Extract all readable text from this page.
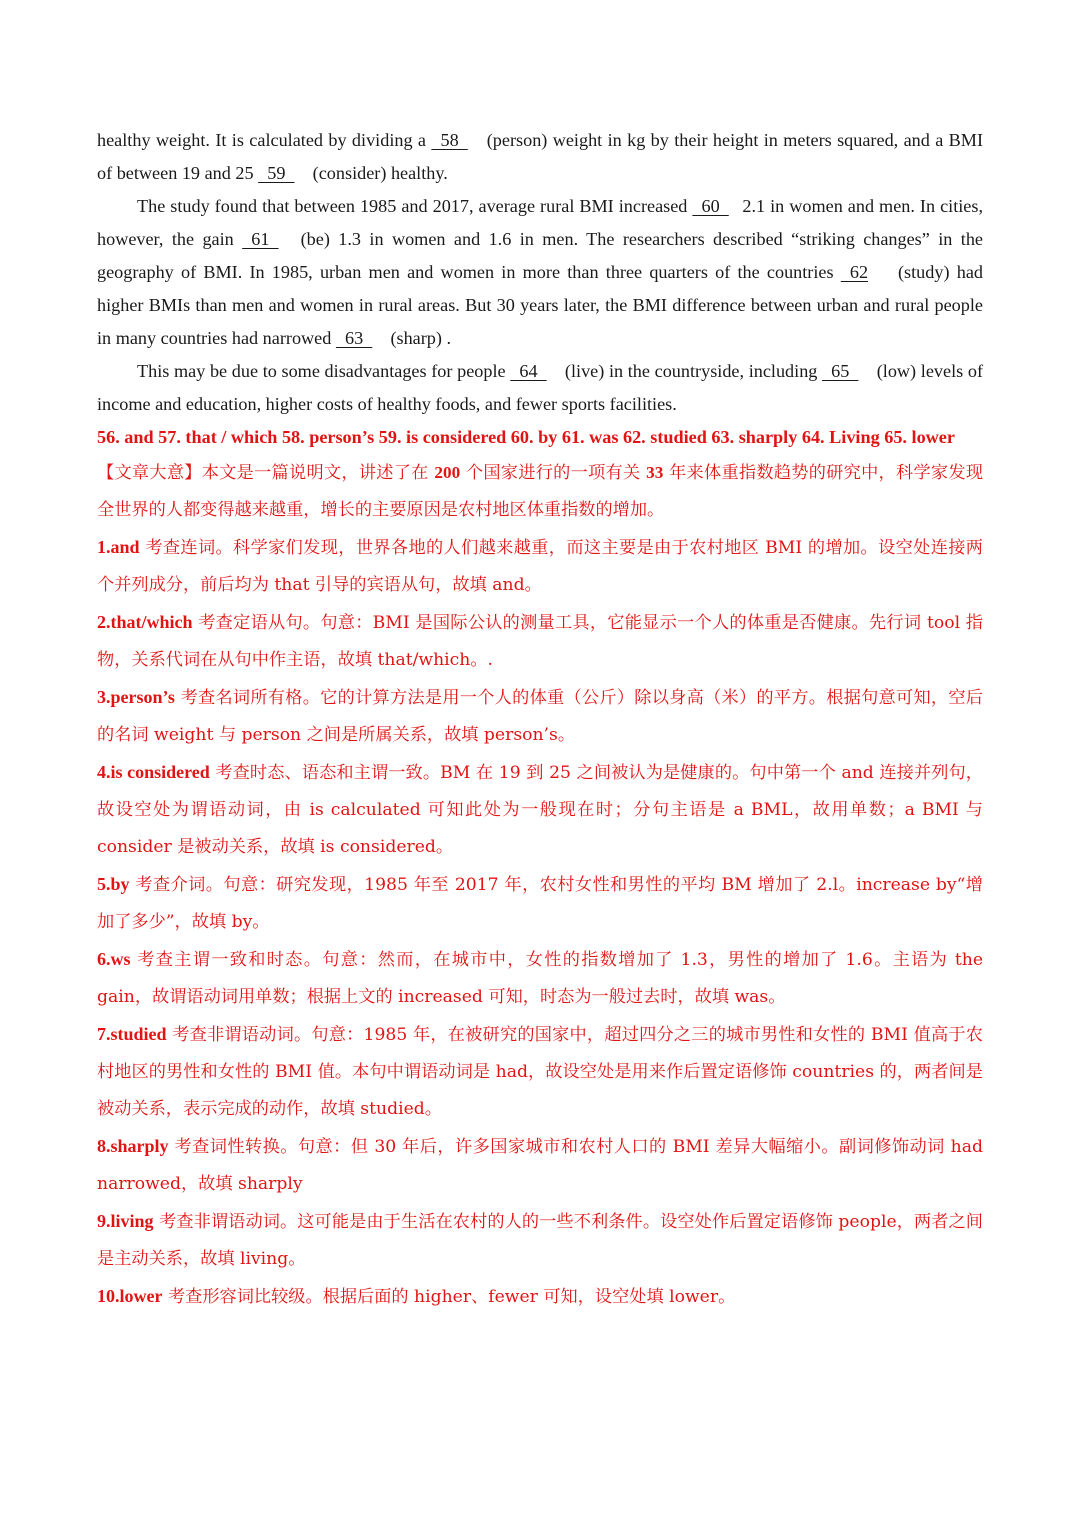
healthy weight. It is calculated by dividing a   58   (person) weight in kg by their height in meters squared, and a BMI of between 19 and 25   59   (consider) healthy.

The study found that between 1985 and 2017, average rural BMI increased   60  2.1 in women and men. In cities, however, the gain   61   (be) 1.3 in women and 1.6 in men. The researchers described “striking changes” in the geography of BMI. In 1985, urban men and women in more than three quarters of the countries   62 (study) had higher BMIs than men and women in rural areas. But 30 years later, the BMI difference between urban and rural people in many countries had narrowed   63   (sharp) .

This may be due to some disadvantages for people   64   (live) in the countryside, including   65   (low) levels of income and education, higher costs of healthy foods, and fewer sports facilities.

56. and 57. that / which 58. person’s 59. is considered 60. by 61. was 62. studied 63. sharply 64. Living 65. lower

【文章大意】本文是一篇说明文，讲述了在 200 个国家进行的一项有关 33 年来体重指数趋势的研究中，科学家发现全世界的人都变得越来越重，增长的主要原因是农村地区体重指数的增加。

1.and 考查连词。科学家们发现，世界各地的人们越来越重，而这主要是由于农村地区 BMI 的增加。设空处连接两个并列成分，前后均为 that 引导的宾语从句，故填 and。

2.that/which 考查定语从句。句意：BMI 是国际公认的测量工具，它能显示一个人的体重是否健康。先行词 tool 指物，关系代词在从句中作主语，故填 that/which。.

3.person’s 考查名词所有格。它的计算方法是用一个人的体重（公斤）除以身高（米）的平方。根据句意可知，空后的名词 weight 与 person 之间是所属关系，故填 person’s。

4.is considered 考查时态、语态和主谓一致。BM 在 19 到 25 之间被认为是健康的。句中第一个 and 连接并列句，故设空处为谓语动词，由 is calculated 可知此处为一般现在时；分句主语是 a BML，故用单数；a BMI 与 consider 是被动关系，故填 is considered。

5.by 考查介词。句意：研究发现，1985 年至 2017 年，农村女性和男性的平均 BM 增加了 2.l。increase by“增加了多少”，故填 by。

6.ws 考查主谓一致和时态。句意：然而，在城市中，女性的指数增加了 1.3，男性的增加了 1.6。主语为 the gain，故谓语动词用单数；根据上文的 increased 可知，时态为一般过去时，故填 was。

7.studied 考查非谓语动词。句意：1985 年，在被研究的国家中，超过四分之三的城市男性和女性的 BMI 值高于农村地区的男性和女性的 BMI 值。本句中谓语动词是 had，故设空处是用来作后置定语修饰 countries 的，两者间是被动关系，表示完成的动作，故填 studied。

8.sharply 考查词性转换。句意：但 30 年后，许多国家城市和农村人口的 BMI 差异大幅缩小。副词修饰动词 had narrowed，故填 sharply

9.living 考查非谓语动词。这可能是由于生活在农村的人的一些不利条件。设空处作后置定语修饰 people，两者之间是主动关系，故填 living。

10.lower 考查形容词比较级。根据后面的 higher、fewer 可知，设空处填 lower。
